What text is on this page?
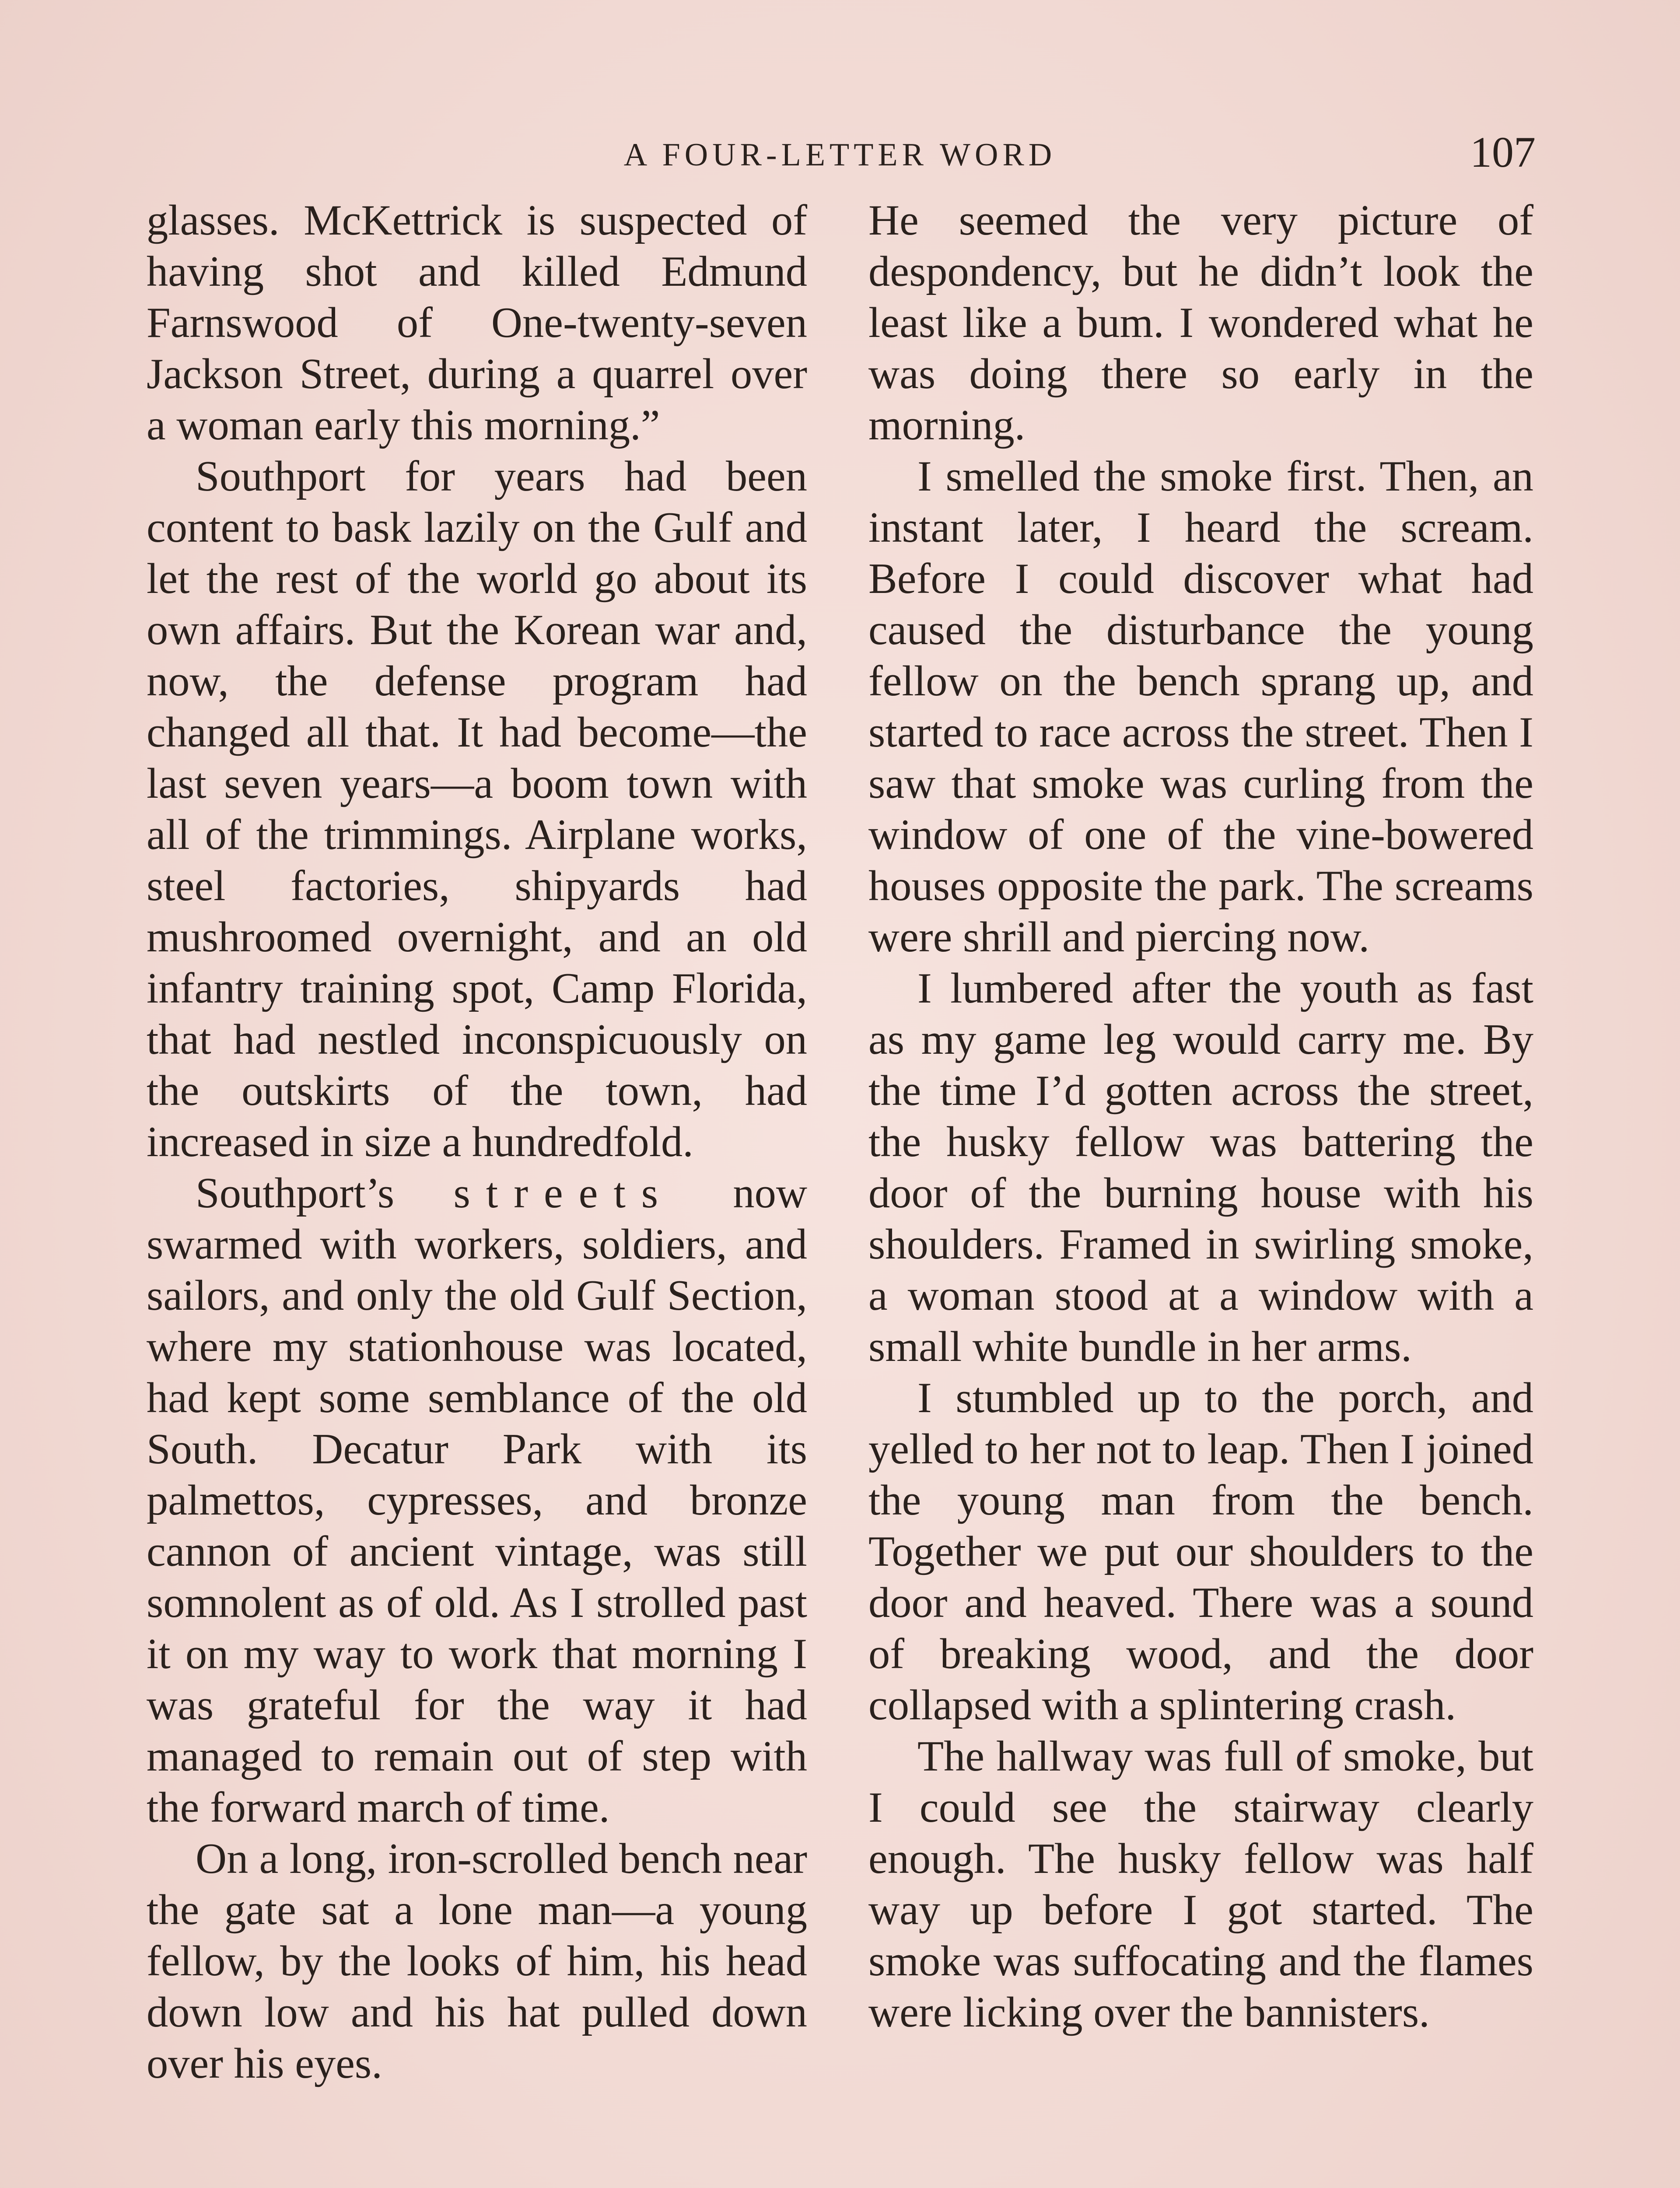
A FOUR-LETTER WORD	107

glasses. McKettrick is suspected of having shot and killed Edmund Farnswood of One-twenty-seven Jackson Street, during a quarrel over a woman early this morning.”

Southport for years had been content to bask lazily on the Gulf and let the rest of the world go about its own affairs. But the Korean war and, now, the defense program had changed all that. It had become—the last seven years—a boom town with all of the trimmings. Airplane works, steel factories, shipyards had mushroomed overnight, and an old infantry training spot, Camp Florida, that had nestled inconspicuously on the outskirts of the town, had increased in size a hundredfold.

Southport’s streets now swarmed with workers, soldiers, and sailors, and only the old Gulf Section, where my stationhouse was located, had kept some semblance of the old South. Decatur Park with its palmettos, cypresses, and bronze cannon of ancient vintage, was still somnolent as of old. As I strolled past it on my way to work that morning I was grateful for the way it had managed to remain out of step with the forward march of time.

On a long, iron-scrolled bench near the gate sat a lone man—a young fellow, by the looks of him, his head down low and his hat pulled down over his eyes.

He seemed the very picture of despondency, but he didn’t look the least like a bum. I wondered what he was doing there so early in the morning.

I smelled the smoke first. Then, an instant later, I heard the scream. Before I could discover what had caused the disturbance the young fellow on the bench sprang up, and started to race across the street. Then I saw that smoke was curling from the window of one of the vine-bowered houses opposite the park. The screams were shrill and piercing now.

I lumbered after the youth as fast as my game leg would carry me. By the time I’d gotten across the street, the husky fellow was battering the door of the burning house with his shoulders. Framed in swirling smoke, a woman stood at a window with a small white bundle in her arms.

I stumbled up to the porch, and yelled to her not to leap. Then I joined the young man from the bench. Together we put our shoulders to the door and heaved. There was a sound of breaking wood, and the door collapsed with a splintering crash.

The hallway was full of smoke, but I could see the stairway clearly enough. The husky fellow was half way up before I got started. The smoke was suffocating and the flames were licking over the bannisters.
